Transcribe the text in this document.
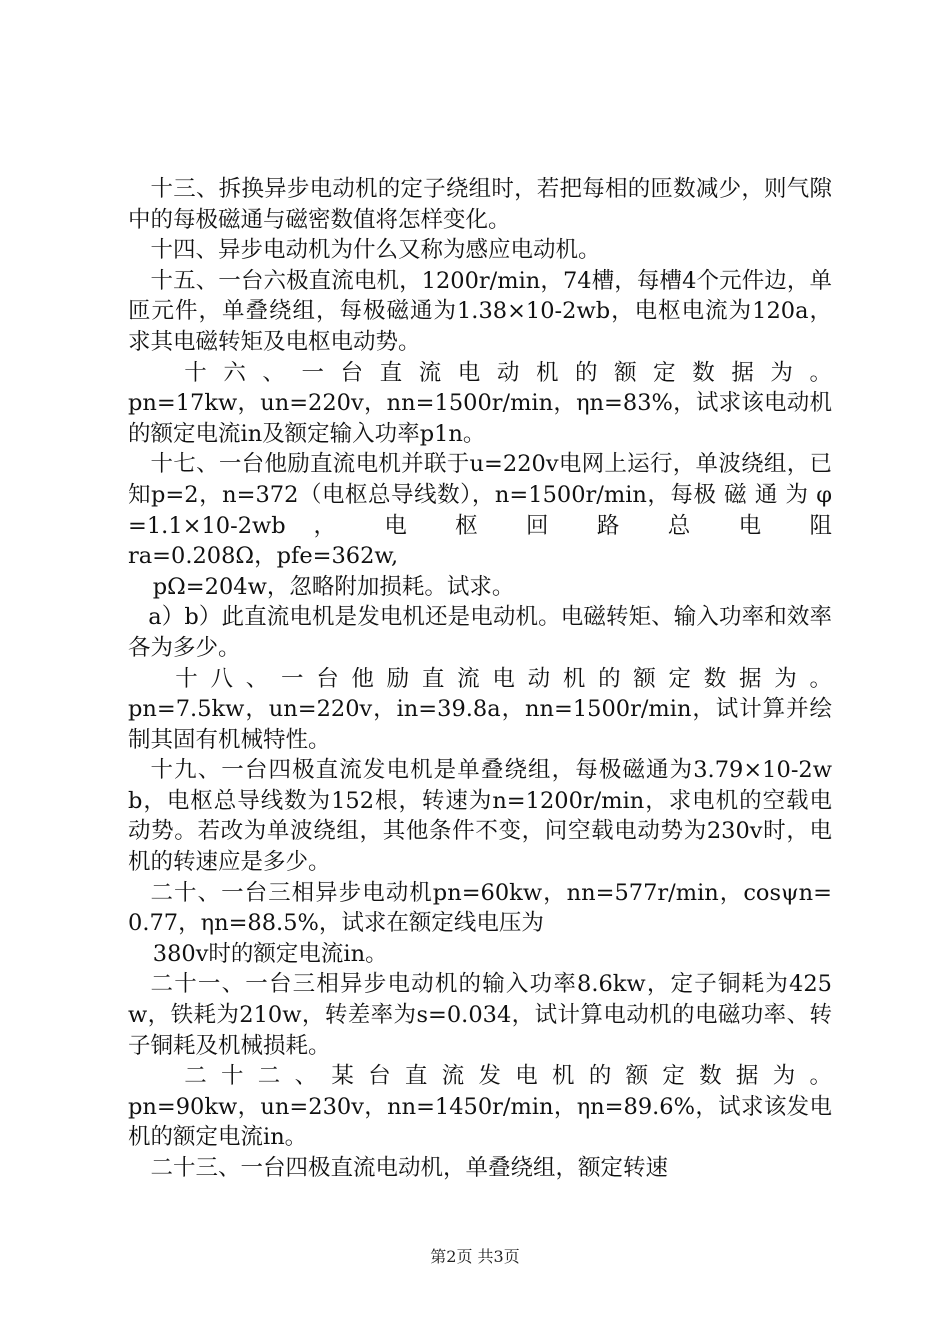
十三、拆换异步电动机的定子绕组时，若把每相的匝数减少，则气隙中的每极磁通与磁密数值将怎样变化。

十四、异步电动机为什么又称为感应电动机。

十五、一台六极直流电机，1200r/min，74槽，每槽4个元件边，单匝元件，单叠绕组，每极磁通为1.38×10-2wb，电枢电流为120a，求其电磁转矩及电枢电动势。

十 六 、 一 台 直 流 电 动 机 的 额 定 数 据 为 。

pn=17kw，un=220v，nn=1500r/min，ηn=83%，试求该电动机的额定电流in及额定输入功率p1n。

十七、一台他励直流电机并联于u=220v电网上运行，单波绕组，已知p=2，n=372（电枢总导线数），n=1500r/min，每极 磁 通 为 φ=1.1×10-2wb ， 电 枢 回 路 总 电 阻

ra=0.208Ω，pfe=362w,

pΩ=204w，忽略附加损耗。试求。

a）b）此直流电机是发电机还是电动机。电磁转矩、输入功率和效率各为多少。

十 八 、 一 台 他 励 直 流 电 动 机 的 额 定 数 据 为 。

pn=7.5kw，un=220v，in=39.8a，nn=1500r/min，试计算并绘制其固有机械特性。

十九、一台四极直流发电机是单叠绕组，每极磁通为3.79×10-2wb，电枢总导线数为152根，转速为n=1200r/min，求电机的空载电动势。若改为单波绕组，其他条件不变，问空载电动势为230v时，电机的转速应是多少。

二十、一台三相异步电动机pn=60kw，nn=577r/min，cosψn=0.77，ηn=88.5%，试求在额定线电压为

380v时的额定电流in。

二十一、一台三相异步电动机的输入功率8.6kw，定子铜耗为425w，铁耗为210w，转差率为s=0.034，试计算电动机的电磁功率、转子铜耗及机械损耗。

二 十 二 、 某 台 直 流 发 电 机 的 额 定 数 据 为 。

pn=90kw，un=230v，nn=1450r/min，ηn=89.6%，试求该发电机的额定电流in。

二十三、一台四极直流电动机，单叠绕组，额定转速

第2页 共3页
